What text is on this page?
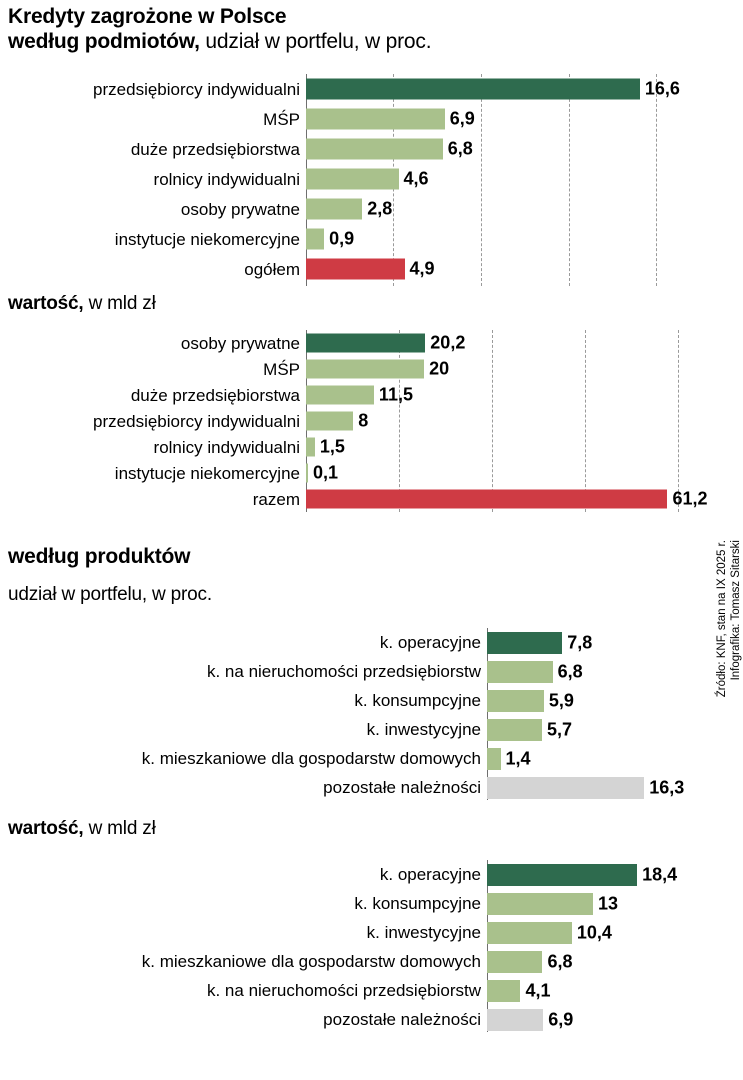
Kredyty zagrożone w Polsce
według podmiotów, udział w portfelu, w proc.
przedsiębiorcy indywidualni	16,6
MŚP	6,9
duże przedsiębiorstwa	6,8
rolnicy indywidualni	4,6
osoby prywatne	2,8
instytucje niekomercyjne	0,9
ogółem	4,9
wartość, w mld zł
osoby prywatne	20,2
MŚP	20
duże przedsiębiorstwa	11,5
przedsiębiorcy indywidualni	8
rolnicy indywidualni	1,5
instytucje niekomercyjne 0,1
razem	61,2
według produktów
udział w portfelu, w proc.
k. operacyjne	7,8
k. na nieruchomości przedsiębiorstw	6,8
k. konsumpcyjne	5,9
k. inwestycyjne	5,7
k. mieszkaniowe dla gospodarstw domowych	1,4
pozostałe należności	16,3
wartość, w mld zł
k. operacyjne	18,4
k. konsumpcyjne	13
k. inwestycyjne	10,4
k. mieszkaniowe dla gospodarstw domowych	6,8
k. na nieruchomości przedsiębiorstw	4,1
pozostałe należności	6,9
Źródło: KNF, stan na IX 2025 r. Infografika: Tomasz Sitarski
